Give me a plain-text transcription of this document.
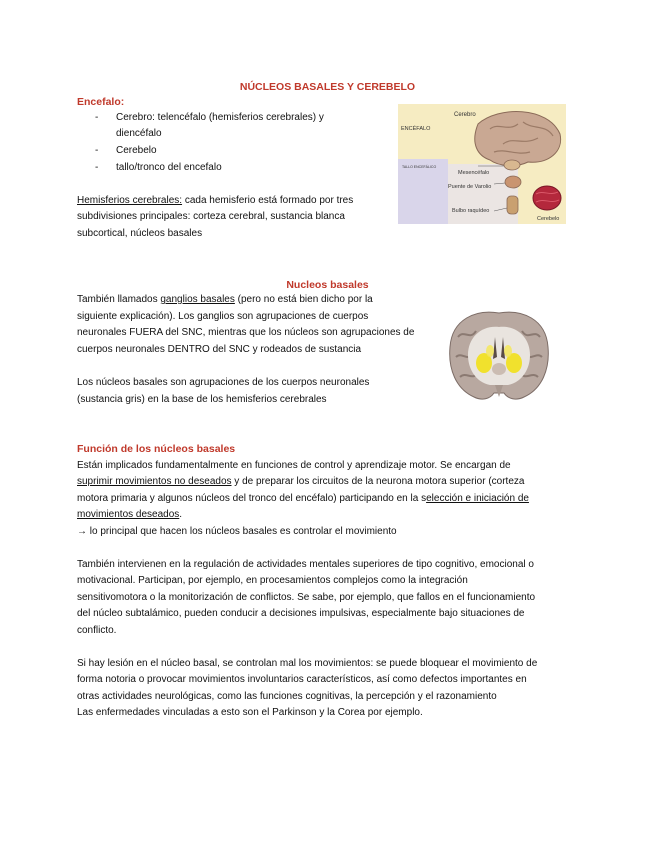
NÚCLEOS BASALES Y CEREBELO
Encefalo:
- Cerebro: telencéfalo (hemisferios cerebrales) y
diencéfalo
- Cerebelo
- tallo/tronco del encefalo
Hemisferios cerebrales: cada hemisferio está formado por tres
subdivisiones principales: corteza cerebral, sustancia blanca
subcortical, núcleos basales
Cerebro
ENCÉFALO
TALLO ENCEFÁLICO
Mesencéfalo
Puente de Varolio
Bulbo raquídeo
Cerebelo
Nucleos basales
También llamados ganglios basales (pero no está bien dicho por la
siguiente explicación). Los ganglios son agrupaciones de cuerpos
neuronales FUERA del SNC, mientras que los núcleos son agrupaciones de
cuerpos neuronales DENTRO del SNC y rodeados de sustancia
Los núcleos basales son agrupaciones de los cuerpos neuronales
(sustancia gris) en la base de los hemisferios cerebrales
Función de los núcleos basales
Están implicados fundamentalmente en funciones de control y aprendizaje motor. Se encargan de
suprimir movimientos no deseados y de preparar los circuitos de la neurona motora superior (corteza
motora primaria y algunos núcleos del tronco del encéfalo) participando en la selección e iniciación de
movimientos deseados.
→ lo principal que hacen los núcleos basales es controlar el movimiento
También intervienen en la regulación de actividades mentales superiores de tipo cognitivo, emocional o
motivacional. Participan, por ejemplo, en procesamientos complejos como la integración
sensitivomotora o la monitorización de conflictos. Se sabe, por ejemplo, que fallos en el funcionamiento
del núcleo subtalámico, pueden conducir a decisiones impulsivas, especialmente bajo situaciones de
conflicto.
Si hay lesión en el núcleo basal, se controlan mal los movimientos: se puede bloquear el movimiento de
forma notoria o provocar movimientos involuntarios característicos, así como defectos importantes en
otras actividades neurológicas, como las funciones cognitivas, la percepción y el razonamiento
Las enfermedades vinculadas a esto son el Parkinson y la Corea por ejemplo.
